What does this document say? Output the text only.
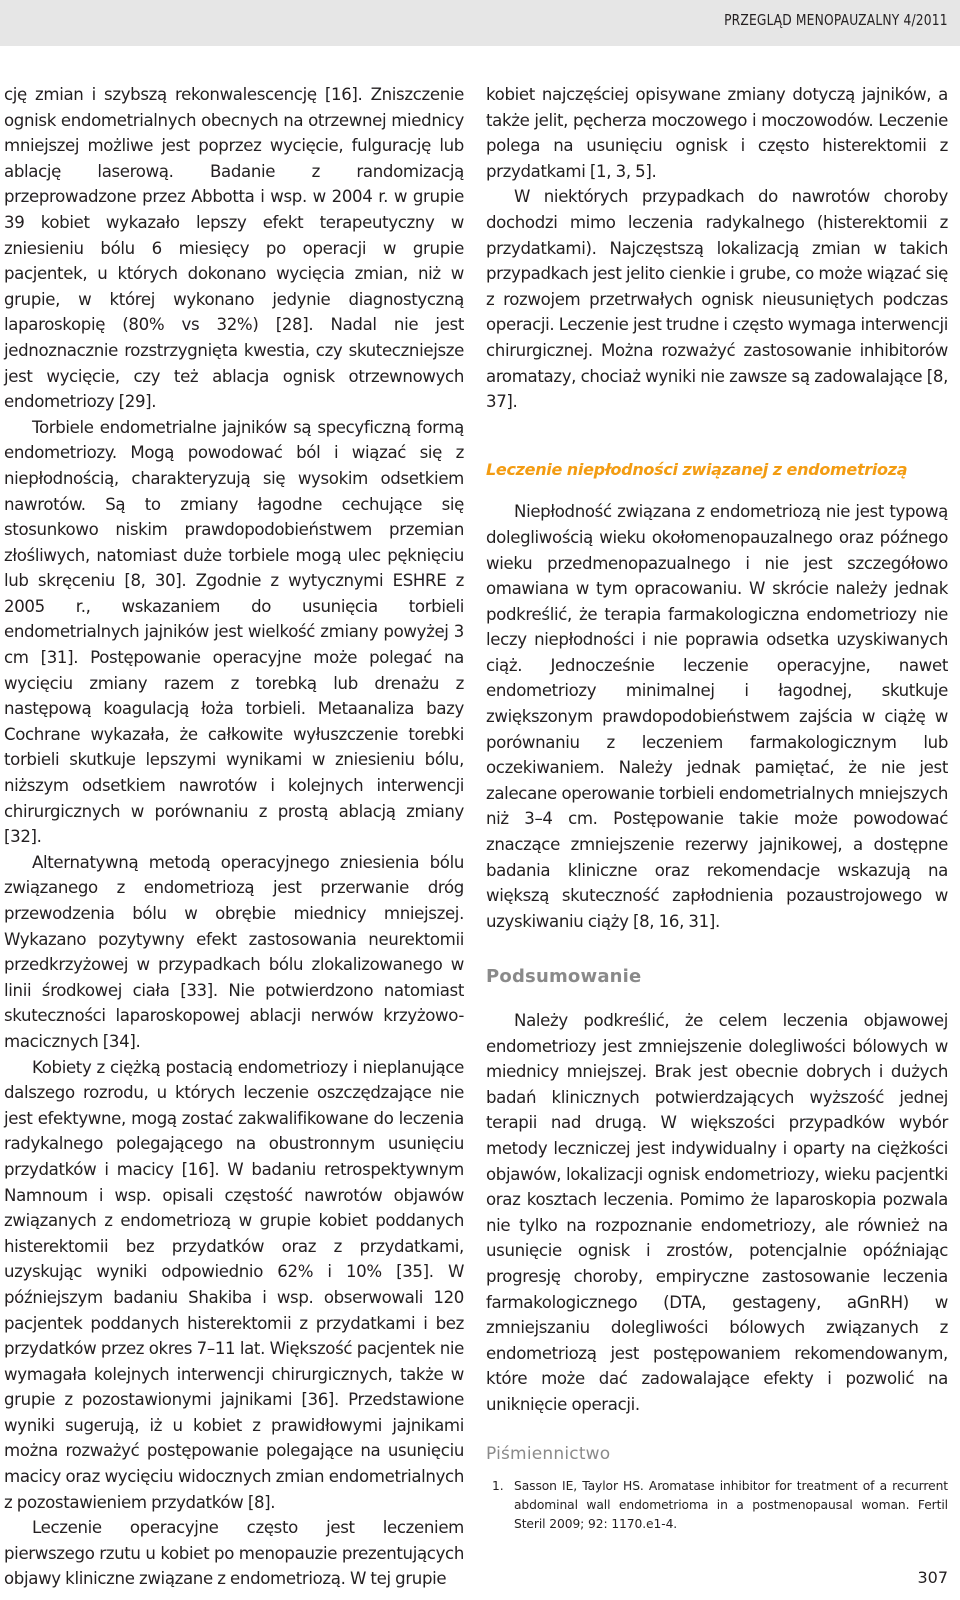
PRZEGLĄD MENOPAUZALNY 4/2011

cję zmian i szybszą rekonwalescencję [16]. Zniszczenie ognisk endometrialnych obecnych na otrzewnej miednicy mniejszej możliwe jest poprzez wycięcie, fulgurację lub ablację laserową. Badanie z randomizacją przeprowadzone przez Abbotta i wsp. w 2004 r. w grupie 39 kobiet wykazało lepszy efekt terapeutyczny w zniesieniu bólu 6 miesięcy po operacji w grupie pacjentek, u których dokonano wycięcia zmian, niż w grupie, w której wykonano jedynie diagnostyczną laparoskopię (80% vs 32%) [28]. Nadal nie jest jednoznacznie rozstrzygnięta kwestia, czy skuteczniejsze jest wycięcie, czy też ablacja ognisk otrzewnowych endometriozy [29].

Torbiele endometrialne jajników są specyficzną formą endometriozy. Mogą powodować ból i wiązać się z niepłodnością, charakteryzują się wysokim odsetkiem nawrotów. Są to zmiany łagodne cechujące się stosunkowo niskim prawdopodobieństwem przemian złośliwych, natomiast duże torbiele mogą ulec pęknięciu lub skręceniu [8, 30]. Zgodnie z wytycznymi ESHRE z 2005 r., wskazaniem do usunięcia torbieli endometrialnych jajników jest wielkość zmiany powyżej 3 cm [31]. Postępowanie operacyjne może polegać na wycięciu zmiany razem z torebką lub drenażu z następową koagulacją łoża torbieli. Metaanaliza bazy Cochrane wykazała, że całkowite wyłuszczenie torebki torbieli skutkuje lepszymi wynikami w zniesieniu bólu, niższym odsetkiem nawrotów i kolejnych interwencji chirurgicznych w porównaniu z prostą ablacją zmiany [32].

Alternatywną metodą operacyjnego zniesienia bólu związanego z endometriozą jest przerwanie dróg przewodzenia bólu w obrębie miednicy mniejszej. Wykazano pozytywny efekt zastosowania neurektomii przedkrzyżowej w przypadkach bólu zlokalizowanego w linii środkowej ciała [33]. Nie potwierdzono natomiast skuteczności laparoskopowej ablacji nerwów krzyżowo-macicznych [34].

Kobiety z ciężką postacią endometriozy i nieplanujące dalszego rozrodu, u których leczenie oszczędzające nie jest efektywne, mogą zostać zakwalifikowane do leczenia radykalnego polegającego na obustronnym usunięciu przydatków i macicy [16]. W badaniu retrospektywnym Namnoum i wsp. opisali częstość nawrotów objawów związanych z endometriozą w grupie kobiet poddanych histerektomii bez przydatków oraz z przydatkami, uzyskując wyniki odpowiednio 62% i 10% [35]. W późniejszym badaniu Shakiba i wsp. obserwowali 120 pacjentek poddanych histerektomii z przydatkami i bez przydatków przez okres 7–11 lat. Większość pacjentek nie wymagała kolejnych interwencji chirurgicznych, także w grupie z pozostawionymi jajnikami [36]. Przedstawione wyniki sugerują, iż u kobiet z prawidłowymi jajnikami można rozważyć postępowanie polegające na usunięciu macicy oraz wycięciu widocznych zmian endometrialnych z pozostawieniem przydatków [8].

Leczenie operacyjne często jest leczeniem pierwszego rzutu u kobiet po menopauzie prezentujących objawy kliniczne związane z endometriozą. W tej grupie

kobiet najczęściej opisywane zmiany dotyczą jajników, a także jelit, pęcherza moczowego i moczowodów. Leczenie polega na usunięciu ognisk i często histerektomii z przydatkami [1, 3, 5].

W niektórych przypadkach do nawrotów choroby dochodzi mimo leczenia radykalnego (histerektomii z przydatkami). Najczęstszą lokalizacją zmian w takich przypadkach jest jelito cienkie i grube, co może wiązać się z rozwojem przetrwałych ognisk nieusuniętych podczas operacji. Leczenie jest trudne i często wymaga interwencji chirurgicznej. Można rozważyć zastosowanie inhibitorów aromatazy, chociaż wyniki nie zawsze są zadowalające [8, 37].

Leczenie niepłodności związanej z endometriozą

Niepłodność związana z endometriozą nie jest typową dolegliwością wieku okołomenopauzalnego oraz późnego wieku przedmenopazualnego i nie jest szczegółowo omawiana w tym opracowaniu. W skrócie należy jednak podkreślić, że terapia farmakologiczna endometriozy nie leczy niepłodności i nie poprawia odsetka uzyskiwanych ciąż. Jednocześnie leczenie operacyjne, nawet endometriozy minimalnej i łagodnej, skutkuje zwiększonym prawdopodobieństwem zajścia w ciążę w porównaniu z leczeniem farmakologicznym lub oczekiwaniem. Należy jednak pamiętać, że nie jest zalecane operowanie torbieli endometrialnych mniejszych niż 3–4 cm. Postępowanie takie może powodować znaczące zmniejszenie rezerwy jajnikowej, a dostępne badania kliniczne oraz rekomendacje wskazują na większą skuteczność zapłodnienia pozaustrojowego w uzyskiwaniu ciąży [8, 16, 31].

Podsumowanie

Należy podkreślić, że celem leczenia objawowej endometriozy jest zmniejszenie dolegliwości bólowych w miednicy mniejszej. Brak jest obecnie dobrych i dużych badań klinicznych potwierdzających wyższość jednej terapii nad drugą. W większości przypadków wybór metody leczniczej jest indywidualny i oparty na ciężkości objawów, lokalizacji ognisk endometriozy, wieku pacjentki oraz kosztach leczenia. Pomimo że laparoskopia pozwala nie tylko na rozpoznanie endometriozy, ale również na usunięcie ognisk i zrostów, potencjalnie opóźniając progresję choroby, empiryczne zastosowanie leczenia farmakologicznego (DTA, gestageny, aGnRH) w zmniejszaniu dolegliwości bólowych związanych z endometriozą jest postępowaniem rekomendowanym, które może dać zadowalające efekty i pozwolić na uniknięcie operacji.

Piśmiennictwo
1. Sasson IE, Taylor HS. Aromatase inhibitor for treatment of a recurrent abdominal wall endometrioma in a postmenopausal woman. Fertil Steril 2009; 92: 1170.e1-4.
307
